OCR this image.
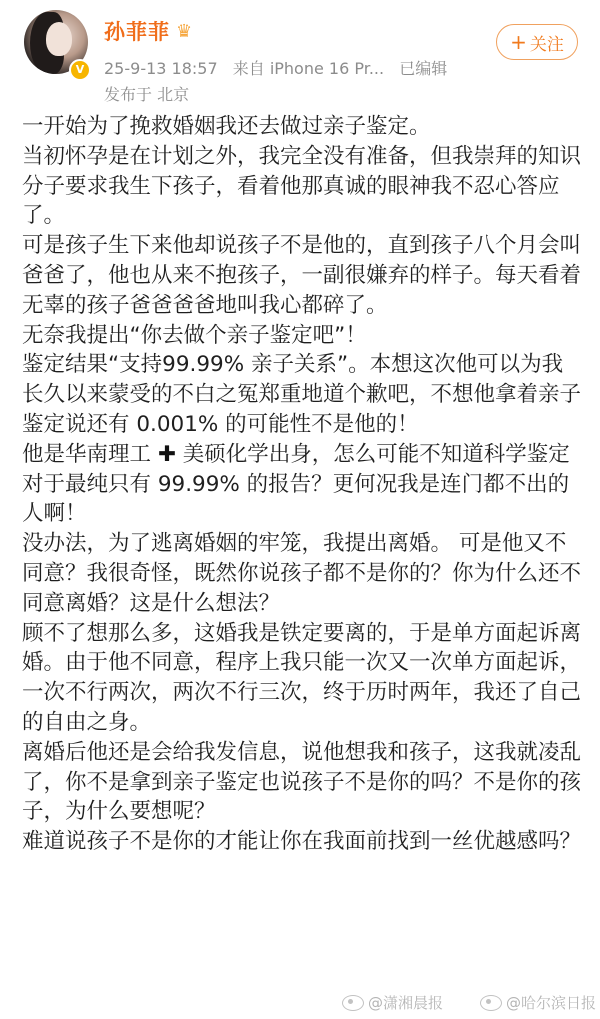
V
孙菲菲 ♛
25-9-13 18:57 来自 iPhone 16 Pr... 已编辑
发布于 北京
+ 关注

一开始为了挽救婚姻我还去做过亲子鉴定。

当初怀孕是在计划之外，我完全没有准备，但我崇拜的知识分子要求我生下孩子，看着他那真诚的眼神我不忍心答应了。

可是孩子生下来他却说孩子不是他的，直到孩子八个月会叫爸爸了，他也从来不抱孩子，一副很嫌弃的样子。每天看着无辜的孩子爸爸爸爸地叫我心都碎了。

无奈我提出“你去做个亲子鉴定吧”！

鉴定结果“支持99.99% 亲子关系”。本想这次他可以为我长久以来蒙受的不白之冤郑重地道个歉吧，不想他拿着亲子鉴定说还有 0.001% 的可能性不是他的！

他是华南理工 ✚ 美硕化学出身，怎么可能不知道科学鉴定对于最纯只有 99.99% 的报告？更何况我是连门都不出的人啊！

没办法，为了逃离婚姻的牢笼，我提出离婚。 可是他又不同意？我很奇怪，既然你说孩子都不是你的？你为什么还不同意离婚？这是什么想法？

顾不了想那么多，这婚我是铁定要离的，于是单方面起诉离婚。由于他不同意，程序上我只能一次又一次单方面起诉，一次不行两次，两次不行三次，终于历时两年，我还了自己的自由之身。

离婚后他还是会给我发信息，说他想我和孩子，这我就凌乱了，你不是拿到亲子鉴定也说孩子不是你的吗？不是你的孩子，为什么要想呢？

难道说孩子不是你的才能让你在我面前找到一丝优越感吗？

@潇湘晨报	@哈尔滨日报
